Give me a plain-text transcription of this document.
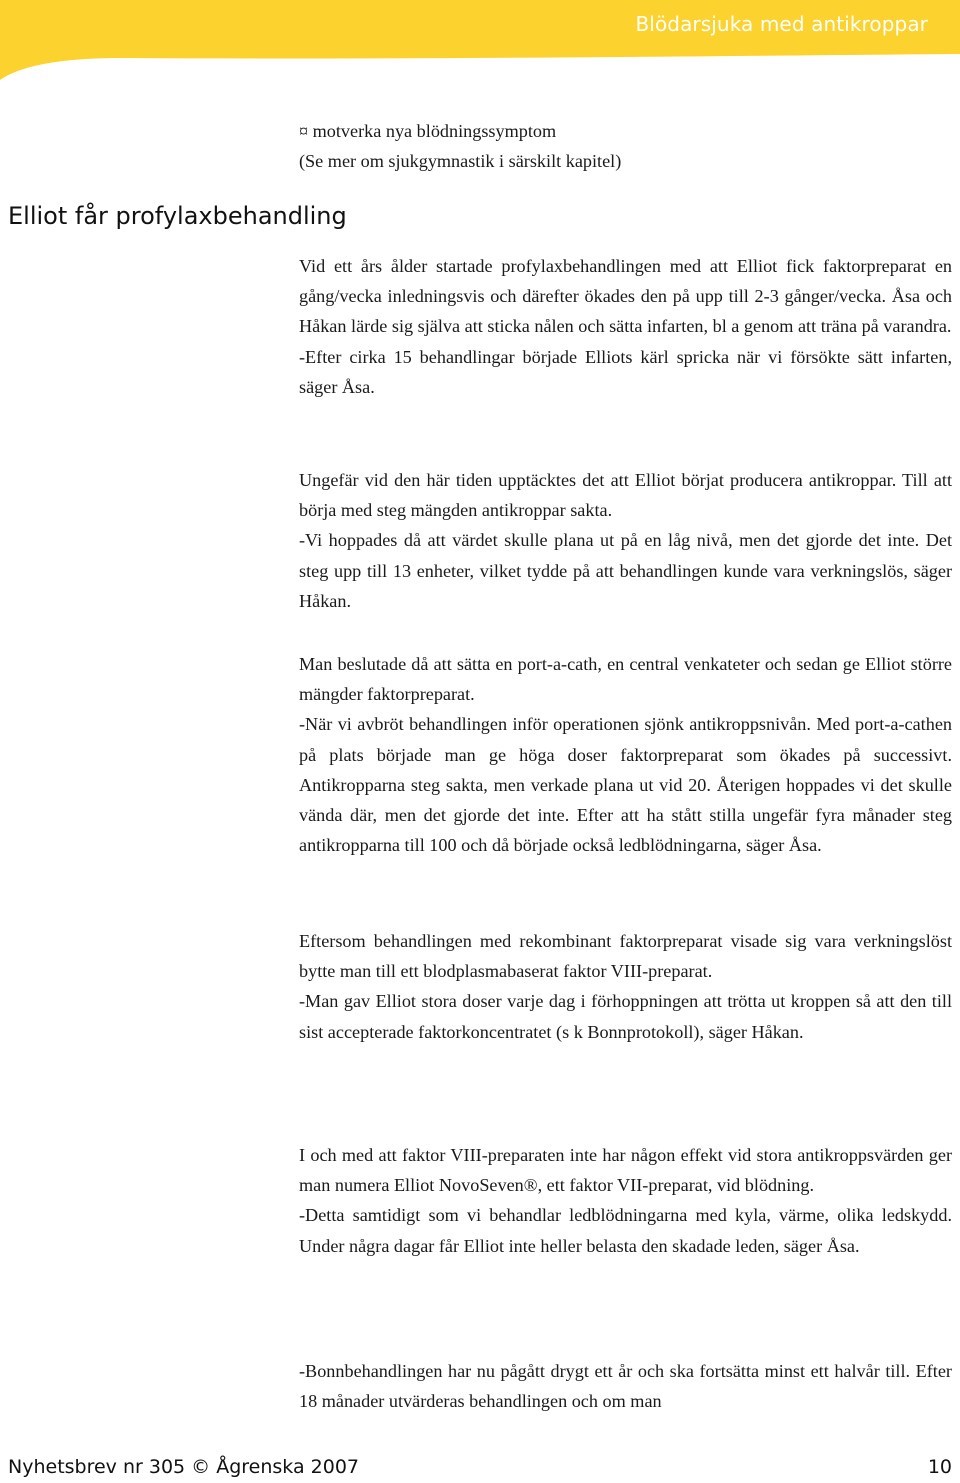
Blödarsjuka med antikroppar
¤ motverka nya blödningssymptom
(Se mer om sjukgymnastik i särskilt kapitel)
Elliot får profylaxbehandling

Vid ett års ålder startade profylaxbehandlingen med att Elliot fick faktorpreparat en gång/vecka inledningsvis och därefter ökades den på upp till 2-3 gånger/vecka. Åsa och Håkan lärde sig själva att sticka nålen och sätta infarten, bl a genom att träna på varandra.

-Efter cirka 15 behandlingar började Elliots kärl spricka när vi försökte sätt infarten, säger Åsa.

Ungefär vid den här tiden upptäcktes det att Elliot börjat producera antikroppar. Till att börja med steg mängden antikroppar sakta.

-Vi hoppades då att värdet skulle plana ut på en låg nivå, men det gjorde det inte. Det steg upp till 13 enheter, vilket tydde på att behandlingen kunde vara verkningslös, säger Håkan.

Man beslutade då att sätta en port-a-cath, en central venkateter och sedan ge Elliot större mängder faktorpreparat.

-När vi avbröt behandlingen inför operationen sjönk antikroppsnivån. Med port-a-cathen på plats började man ge höga doser faktorpreparat som ökades på successivt. Antikropparna steg sakta, men verkade plana ut vid 20. Återigen hoppades vi det skulle vända där, men det gjorde det inte. Efter att ha stått stilla ungefär fyra månader steg antikropparna till 100 och då började också ledblödningarna, säger Åsa.

Eftersom behandlingen med rekombinant faktorpreparat visade sig vara verkningslöst bytte man till ett blodplasmabaserat faktor VIII-preparat.

-Man gav Elliot stora doser varje dag i förhoppningen att trötta ut kroppen så att den till sist accepterade faktorkoncentratet (s k Bonnprotokoll), säger Håkan.

I och med att faktor VIII-preparaten inte har någon effekt vid stora antikroppsvärden ger man numera Elliot NovoSeven®, ett faktor VII-preparat, vid blödning.

-Detta samtidigt som vi behandlar ledblödningarna med kyla, värme, olika ledskydd. Under några dagar får Elliot inte heller belasta den skadade leden, säger Åsa.

-Bonnbehandlingen har nu pågått drygt ett år och ska fortsätta minst ett halvår till. Efter 18 månader utvärderas behandlingen och om man

Nyhetsbrev nr 305 © Ågrenska 2007	10
